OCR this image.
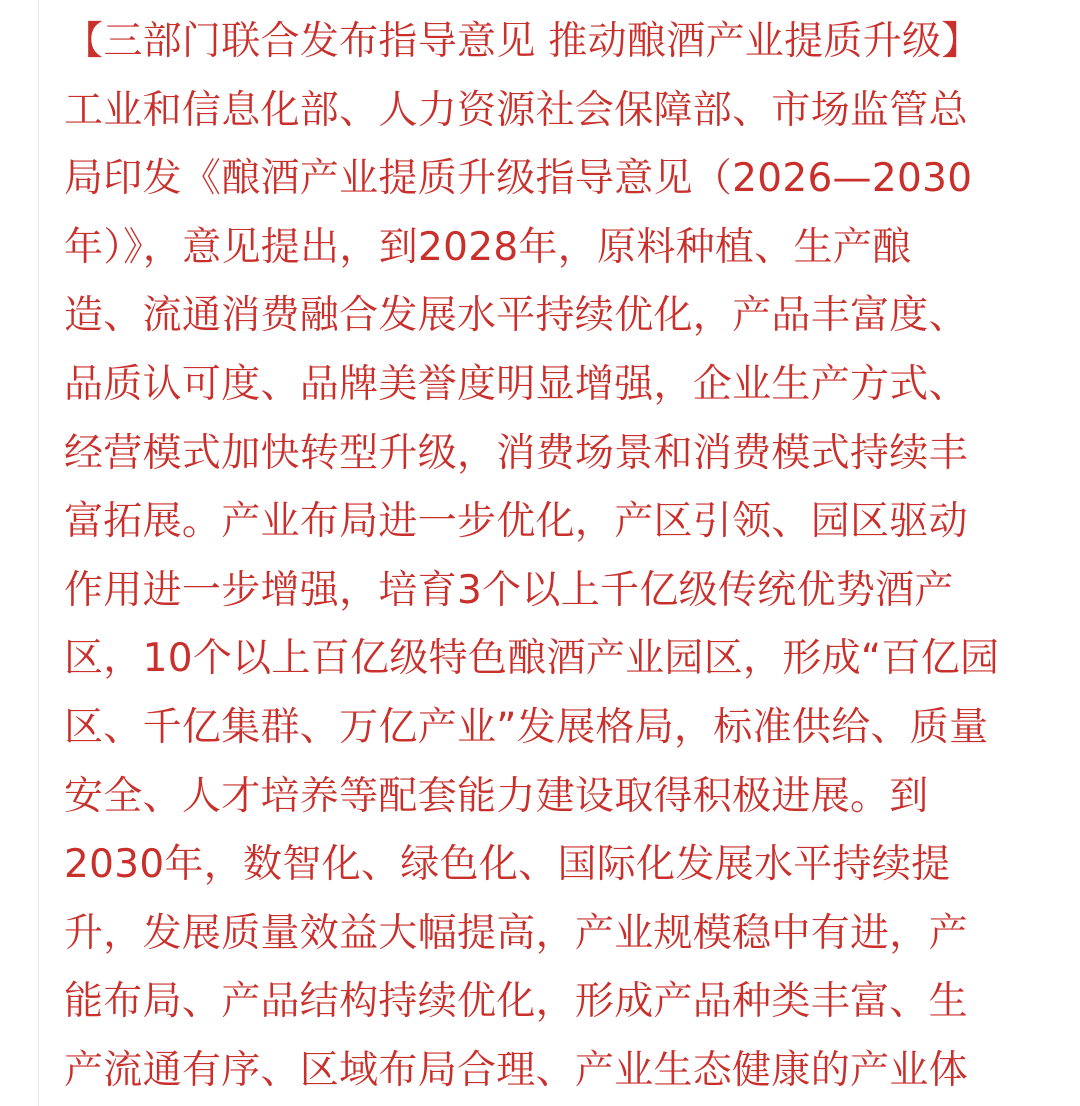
【三部门联合发布指导意见 推动酿酒产业提质升级】
工业和信息化部、人力资源社会保障部、市场监管总
局印发《酿酒产业提质升级指导意见（2026—2030
年）》，意见提出，到2028年，原料种植、生产酿
造、流通消费融合发展水平持续优化，产品丰富度、
品质认可度、品牌美誉度明显增强，企业生产方式、
经营模式加快转型升级，消费场景和消费模式持续丰
富拓展。产业布局进一步优化，产区引领、园区驱动
作用进一步增强，培育3个以上千亿级传统优势酒产
区，10个以上百亿级特色酿酒产业园区，形成“百亿园
区、千亿集群、万亿产业”发展格局，标准供给、质量
安全、人才培养等配套能力建设取得积极进展。到
2030年，数智化、绿色化、国际化发展水平持续提
升，发展质量效益大幅提高，产业规模稳中有进，产
能布局、产品结构持续优化，形成产品种类丰富、生
产流通有序、区域布局合理、产业生态健康的产业体
